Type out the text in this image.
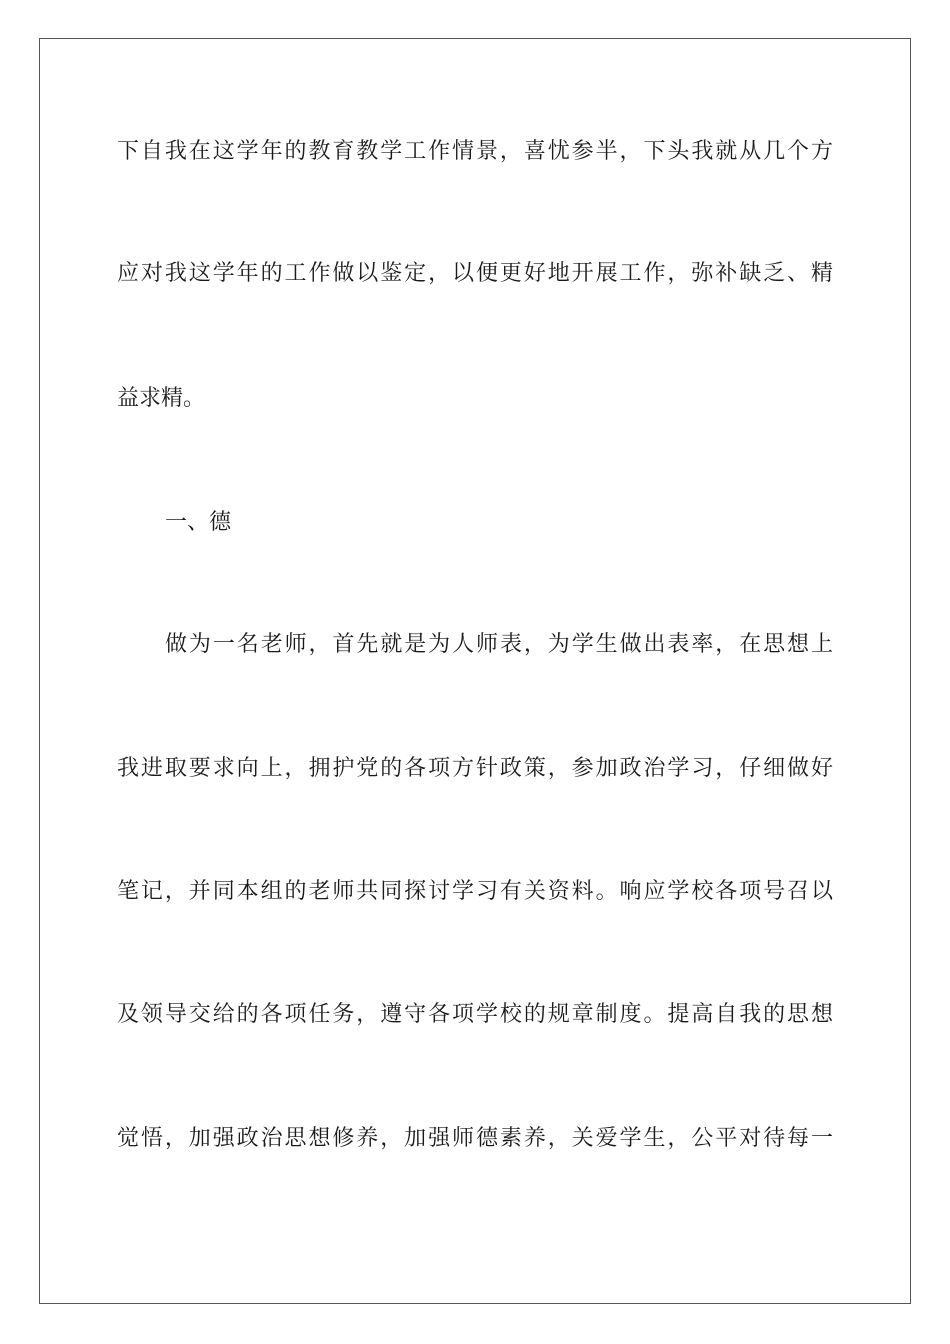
下自我在这学年的教育教学工作情景，喜忧参半，下头我就从几个方
应对我这学年的工作做以鉴定，以便更好地开展工作，弥补缺乏、精
益求精。
一、德
做为一名老师，首先就是为人师表，为学生做出表率，在思想上
我进取要求向上，拥护党的各项方针政策，参加政治学习，仔细做好
笔记，并同本组的老师共同探讨学习有关资料。响应学校各项号召以
及领导交给的各项任务，遵守各项学校的规章制度。提高自我的思想
觉悟，加强政治思想修养，加强师德素养，关爱学生，公平对待每一
